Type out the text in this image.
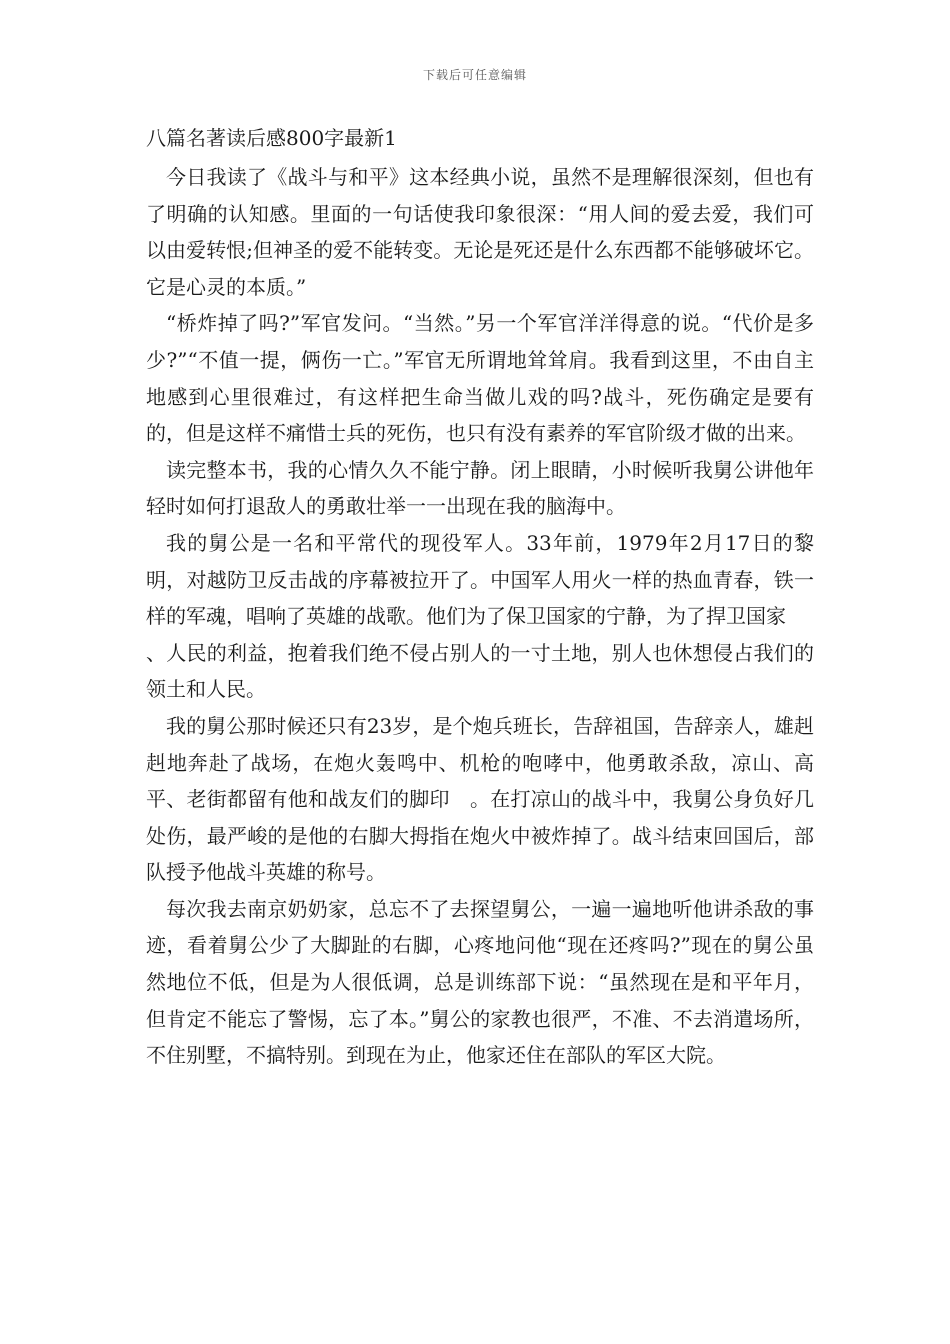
下载后可任意编辑
八篇名著读后感800字最新1

今日我读了《战斗与和平》这本经典小说，虽然不是理解很深刻，但也有了明确的认知感。里面的一句话使我印象很深：“用人间的爱去爱，我们可以由爱转恨;但神圣的爱不能转变。无论是死还是什么东西都不能够破坏它。它是心灵的本质。”

“桥炸掉了吗?”军官发问。“当然。”另一个军官洋洋得意的说。“代价是多少?”“不值一提，俩伤一亡。”军官无所谓地耸耸肩。我看到这里，不由自主地感到心里很难过，有这样把生命当做儿戏的吗?战斗，死伤确定是要有的，但是这样不痛惜士兵的死伤，也只有没有素养的军官阶级才做的出来。

读完整本书，我的心情久久不能宁静。闭上眼睛，小时候听我舅公讲他年轻时如何打退敌人的勇敢壮举一一出现在我的脑海中。

我的舅公是一名和平常代的现役军人。33年前，1979年2月17日的黎明，对越防卫反击战的序幕被拉开了。中国军人用火一样的热血青春，铁一样的军魂，唱响了英雄的战歌。他们为了保卫国家的宁静，为了捍卫国家

、人民的利益，抱着我们绝不侵占别人的一寸土地，别人也休想侵占我们的领土和人民。

我的舅公那时候还只有23岁，是个炮兵班长，告辞祖国，告辞亲人，雄赳赳地奔赴了战场，在炮火轰鸣中、机枪的咆哮中，他勇敢杀敌，凉山、高平、老街都留有他和战友们的脚印　。在打凉山的战斗中，我舅公身负好几处伤，最严峻的是他的右脚大拇指在炮火中被炸掉了。战斗结束回国后，部队授予他战斗英雄的称号。

每次我去南京奶奶家，总忘不了去探望舅公，一遍一遍地听他讲杀敌的事迹，看着舅公少了大脚趾的右脚，心疼地问他“现在还疼吗?”现在的舅公虽然地位不低，但是为人很低调，总是训练部下说：“虽然现在是和平年月，但肯定不能忘了警惕，忘了本。”舅公的家教也很严，不准、不去消遣场所，不住别墅，不搞特别。到现在为止，他家还住在部队的军区大院。
